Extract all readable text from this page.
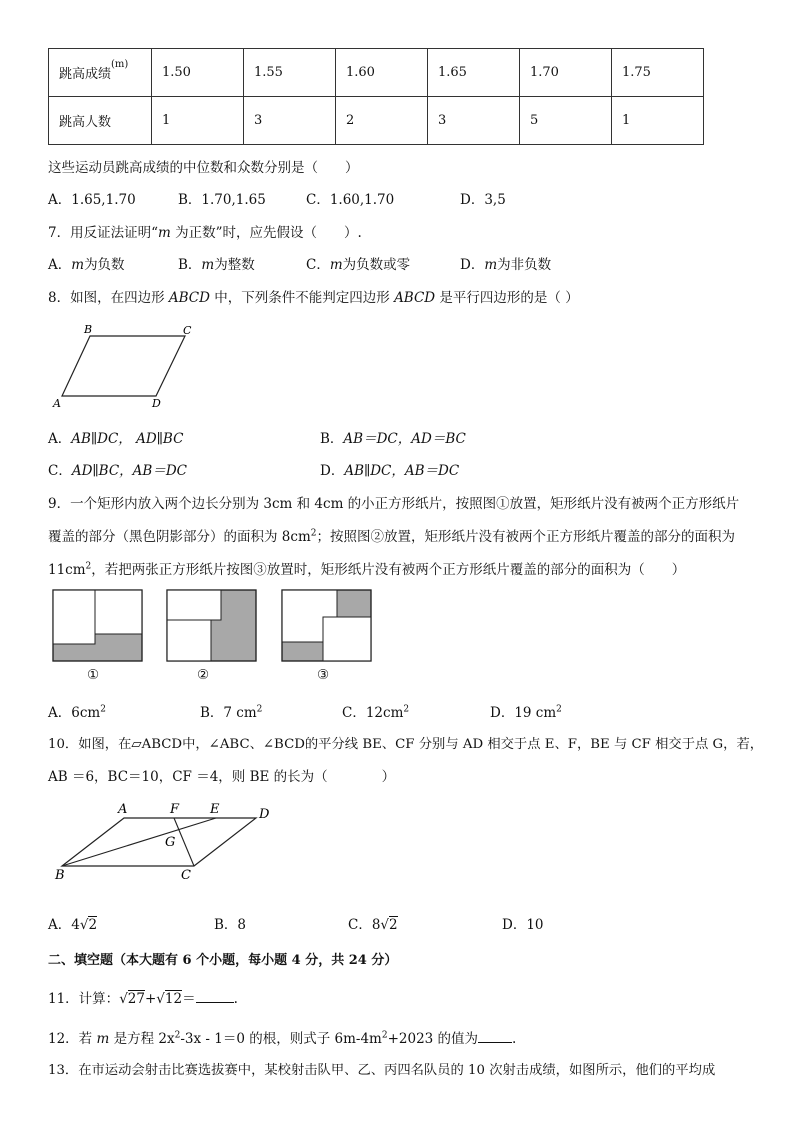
跳高成绩$^{(m)}$	1.50	1.55	1.60	1.65	1.70	1.75
跳高人数	1	3	2	3	5	1
这些运动员跳高成绩的中位数和众数分别是（　　）
A．1.65,1.70	B．1.70,1.65	C．1.60,1.70	D．3,5
7．用反证法证明“m 为正数”时，应先假设（　　）.
A．m为负数	B．m为整数	C．m为负数或零	D．m为非负数
8．如图，在四边形 ABCD 中，下列条件不能判定四边形 ABCD 是平行四边形的是（ ）
B	C
A	D
A．AB∥DC， AD∥BC	B．AB＝DC，AD＝BC
C．AD∥BC，AB＝DC	D．AB∥DC，AB＝DC
9．一个矩形内放入两个边长分别为 3cm 和 4cm 的小正方形纸片，按照图①放置，矩形纸片没有被两个正方形纸片
覆盖的部分（黑色阴影部分）的面积为 $8cm^2$；按照图②放置，矩形纸片没有被两个正方形纸片覆盖的部分的面积为
$11cm^2$，若把两张正方形纸片按图③放置时，矩形纸片没有被两个正方形纸片覆盖的部分的面积为（　　）
①	②	③
A．$6cm^2$	B．7 $cm^2$	C．$12cm^2$	D．19 $cm^2$
10．如图，在▱ABCD中，∠ABC、∠BCD的平分线 BE、CF 分别与 AD 相交于点 E、F，BE 与 CF 相交于点 G，若，
AB ＝6，BC＝10，CF ＝4，则 BE 的长为（　　　　）
A	F E	D
G
B	C
A．4√2	B．8	C．8√2	D．10
二、填空题（本大题有 6 个小题，每小题 4 分，共 24 分）
11．计算：√27+√12＝	.
12．若 m 是方程 $2x^2-3x - 1=0$ 的根，则式子 $6m-4m^2+2023$ 的值为	.
13．在市运动会射击比赛选拔赛中，某校射击队甲、乙、丙四名队员的 10 次射击成绩，如图所示，他们的平均成
